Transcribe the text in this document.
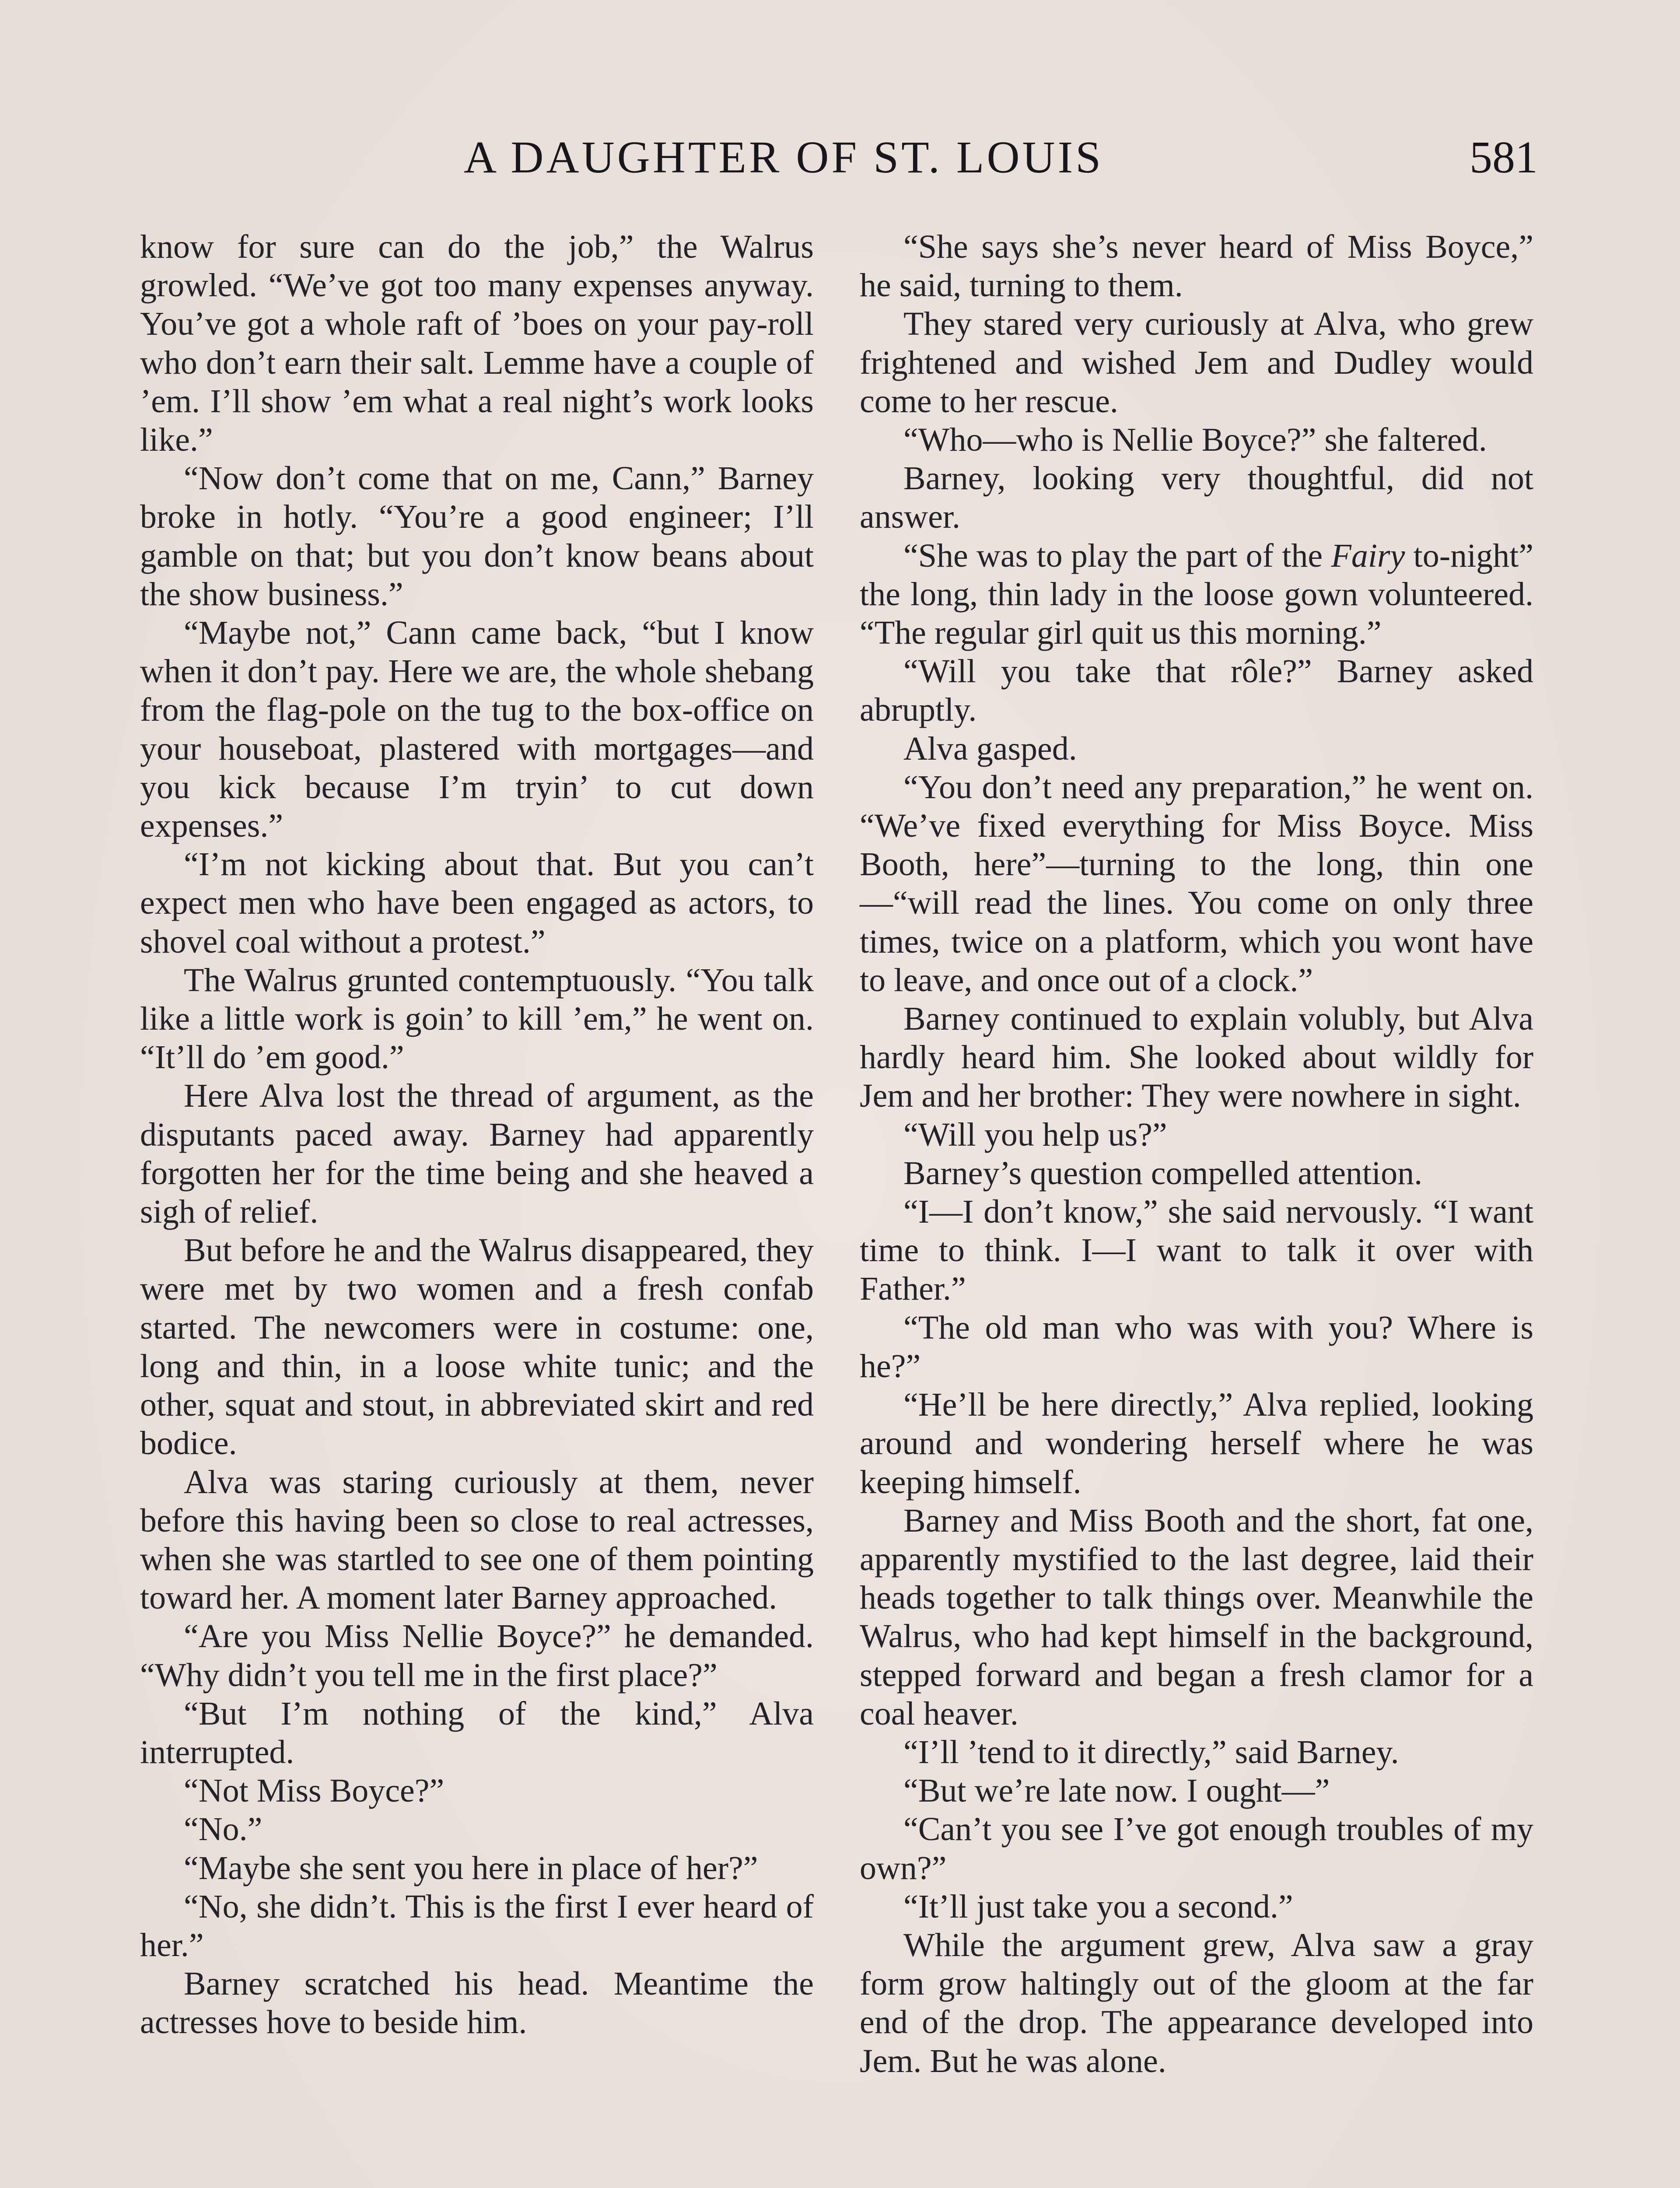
A DAUGHTER OF ST. LOUIS	581

know for sure can do the job,” the Walrus growled. “We’ve got too many expenses anyway. You’ve got a whole raft of ’boes on your pay-roll who don’t earn their salt. Lemme have a couple of ’em. I’ll show ’em what a real night’s work looks like.”

“Now don’t come that on me, Cann,” Barney broke in hotly. “You’re a good engineer; I’ll gamble on that; but you don’t know beans about the show business.”

“Maybe not,” Cann came back, “but I know when it don’t pay. Here we are, the whole shebang from the flag-pole on the tug to the box-office on your houseboat, plastered with mortgages—and you kick because I’m tryin’ to cut down expenses.”

“I’m not kicking about that. But you can’t expect men who have been engaged as actors, to shovel coal without a protest.”

The Walrus grunted contemptuously. “You talk like a little work is goin’ to kill ’em,” he went on. “It’ll do ’em good.”

Here Alva lost the thread of argument, as the disputants paced away. Barney had apparently forgotten her for the time being and she heaved a sigh of relief.

But before he and the Walrus disappeared, they were met by two women and a fresh confab started. The newcomers were in costume: one, long and thin, in a loose white tunic; and the other, squat and stout, in abbreviated skirt and red bodice.

Alva was staring curiously at them, never before this having been so close to real actresses, when she was startled to see one of them pointing toward her. A moment later Barney approached.

“Are you Miss Nellie Boyce?” he demanded. “Why didn’t you tell me in the first place?”

“But I’m nothing of the kind,” Alva interrupted.

“Not Miss Boyce?”

“No.”

“Maybe she sent you here in place of her?”

“No, she didn’t. This is the first I ever heard of her.”

Barney scratched his head. Meantime the actresses hove to beside him.

“She says she’s never heard of Miss Boyce,” he said, turning to them.

They stared very curiously at Alva, who grew frightened and wished Jem and Dudley would come to her rescue.

“Who—who is Nellie Boyce?” she faltered.

Barney, looking very thoughtful, did not answer.

“She was to play the part of the Fairy to-night” the long, thin lady in the loose gown volunteered. “The regular girl quit us this morning.”

“Will you take that rôle?” Barney asked abruptly.

Alva gasped.

“You don’t need any preparation,” he went on. “We’ve fixed everything for Miss Boyce. Miss Booth, here”—turning to the long, thin one—“will read the lines. You come on only three times, twice on a platform, which you wont have to leave, and once out of a clock.”

Barney continued to explain volubly, but Alva hardly heard him. She looked about wildly for Jem and her brother: They were nowhere in sight.

“Will you help us?”

Barney’s question compelled attention.

“I—I don’t know,” she said nervously. “I want time to think. I—I want to talk it over with Father.”

“The old man who was with you? Where is he?”

“He’ll be here directly,” Alva replied, looking around and wondering herself where he was keeping himself.

Barney and Miss Booth and the short, fat one, apparently mystified to the last degree, laid their heads together to talk things over. Meanwhile the Walrus, who had kept himself in the background, stepped forward and began a fresh clamor for a coal heaver.

“I’ll ’tend to it directly,” said Barney.

“But we’re late now. I ought—”

“Can’t you see I’ve got enough troubles of my own?”

“It’ll just take you a second.”

While the argument grew, Alva saw a gray form grow haltingly out of the gloom at the far end of the drop. The appearance developed into Jem. But he was alone.
